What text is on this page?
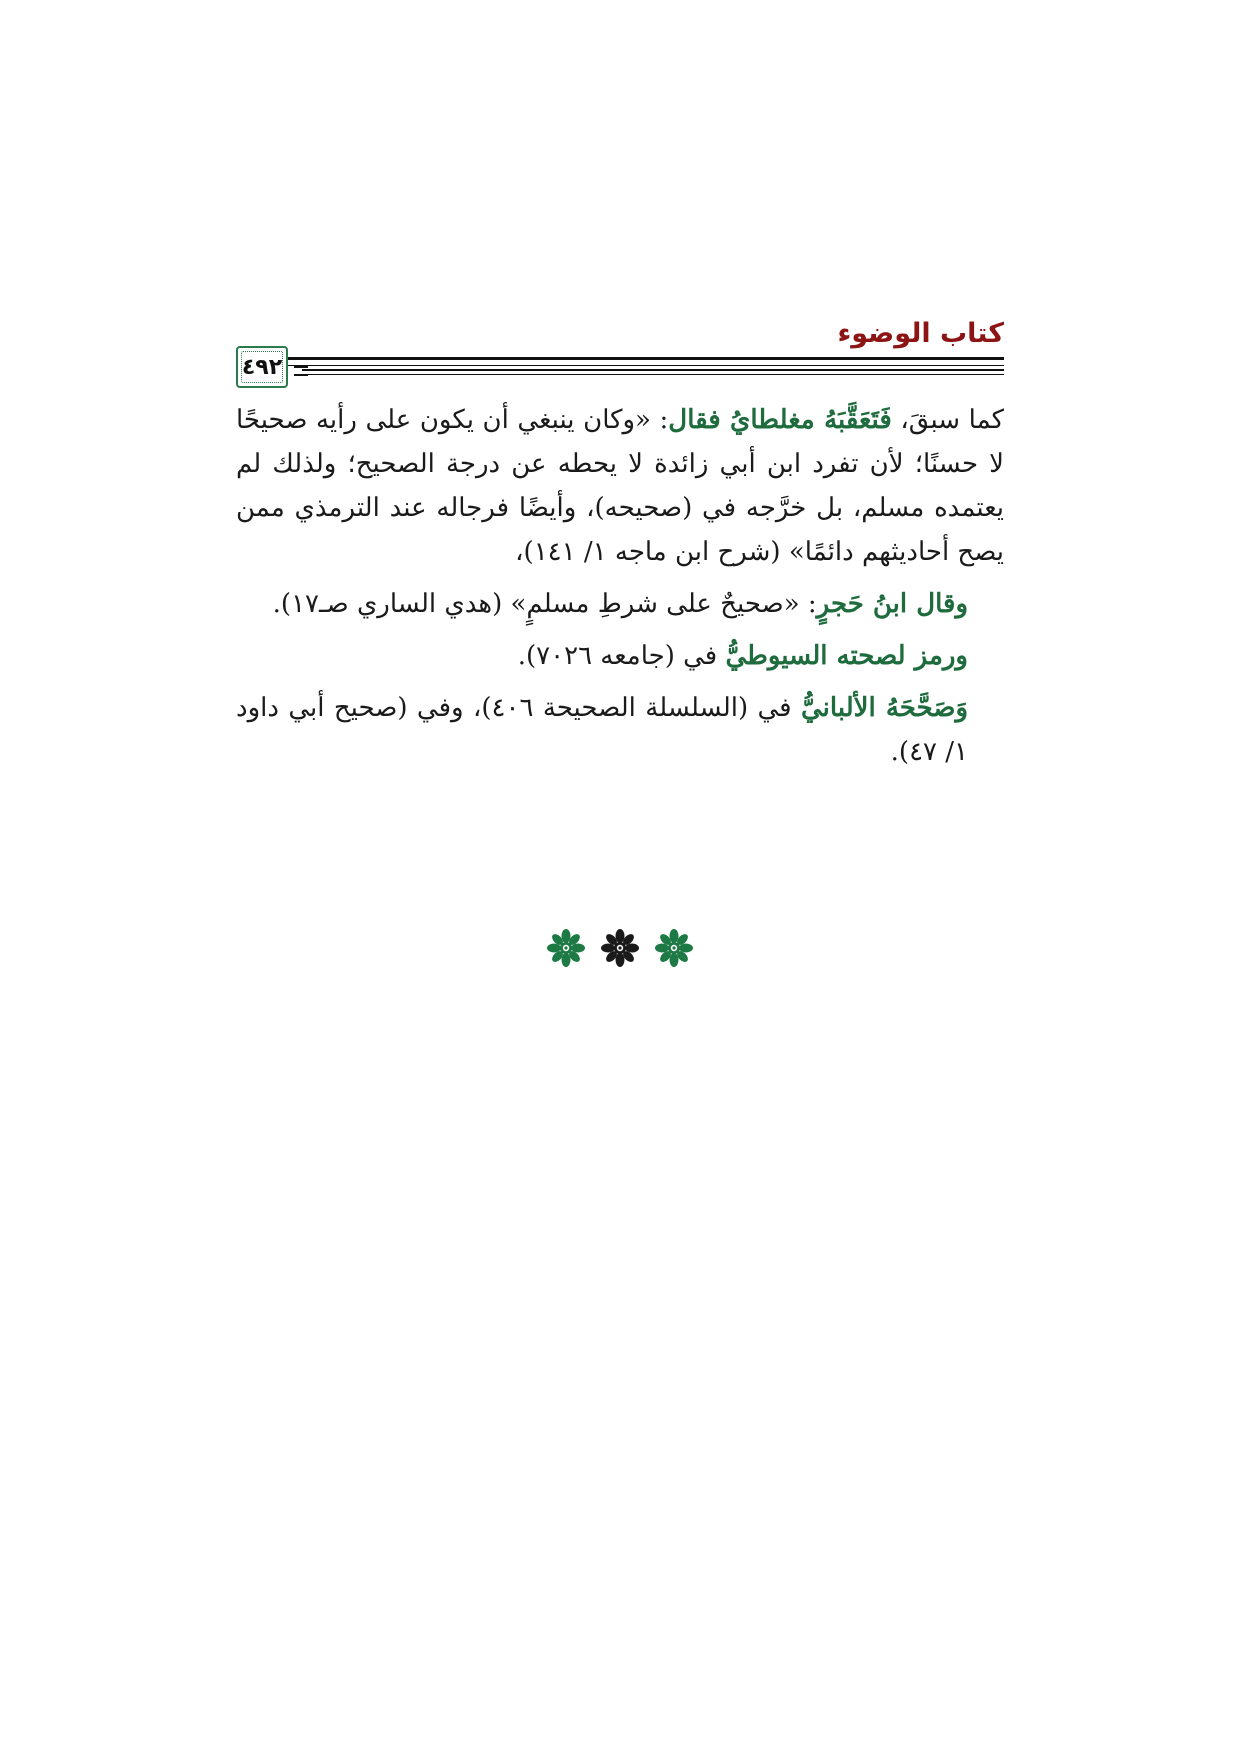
كتاب الوضوء
٤٩٢

كما سبقَ، فَتَعَقَّبَهُ مغلطايُ فقال: «وكان ينبغي أن يكون على رأيه صحيحًا لا حسنًا؛ لأن تفرد ابن أبي زائدة لا يحطه عن درجة الصحيح؛ ولذلك لم يعتمده مسلم، بل خرَّجه في (صحيحه)، وأيضًا فرجاله عند الترمذي ممن يصح أحاديثهم دائمًا» (شرح ابن ماجه ١/ ١٤١)،

وقال ابنُ حَجرٍ: «صحيحٌ على شرطِ مسلمٍ» (هدي الساري صـ١٧).

ورمز لصحته السيوطيُّ في (جامعه ٧٠٢٦).

وَصَحَّحَهُ الألبانيُّ في (السلسلة الصحيحة ٤٠٦)، وفي (صحيح أبي داود ١/ ٤٧).
